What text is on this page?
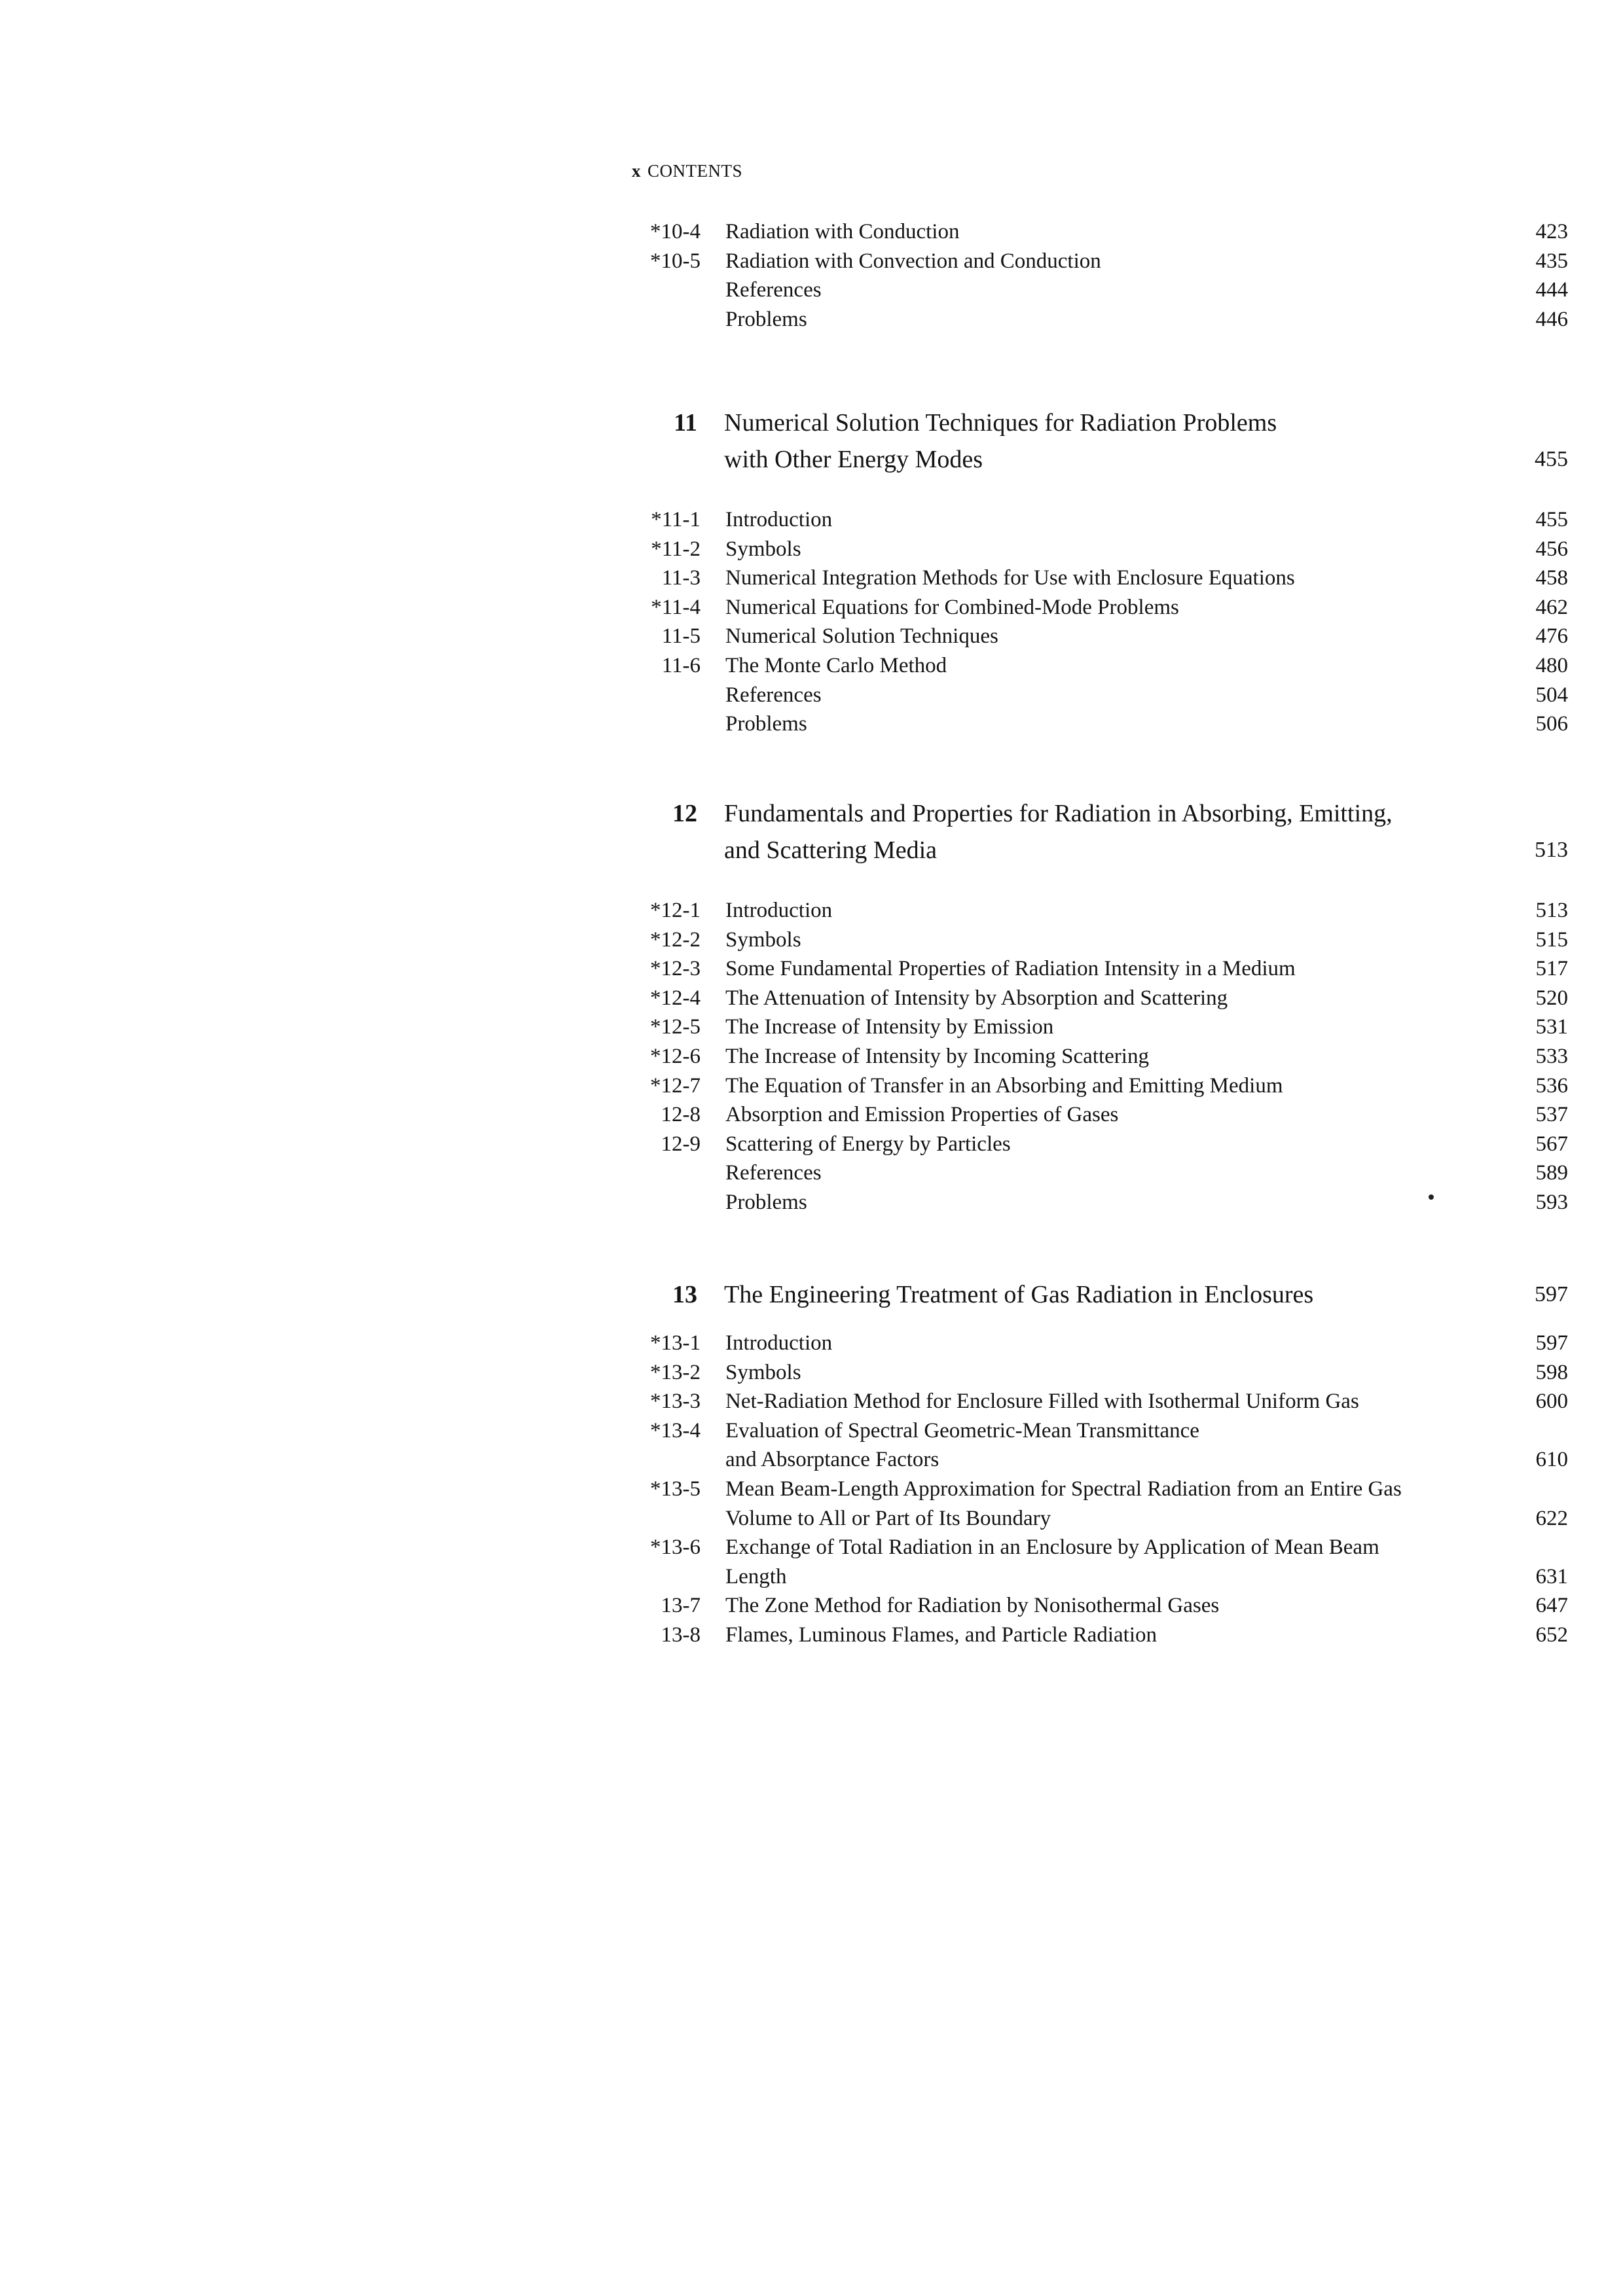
x CONTENTS
*10-4 Radiation with Conduction	423
*10-5 Radiation with Convection and Conduction	435
References	444
Problems	446
11 Numerical Solution Techniques for Radiation Problems
with Other Energy Modes	455
*11-1 Introduction	455
*11-2 Symbols	456
11-3 Numerical Integration Methods for Use with Enclosure Equations	458
*11-4 Numerical Equations for Combined-Mode Problems	462
11-5 Numerical Solution Techniques	476
11-6 The Monte Carlo Method	480
References	504
Problems	506
12 Fundamentals and Properties for Radiation in Absorbing, Emitting,
and Scattering Media	513
*12-1 Introduction	513
*12-2 Symbols	515
*12-3 Some Fundamental Properties of Radiation Intensity in a Medium	517
*12-4 The Attenuation of Intensity by Absorption and Scattering	520
*12-5 The Increase of Intensity by Emission	531
*12-6 The Increase of Intensity by Incoming Scattering	533
*12-7 The Equation of Transfer in an Absorbing and Emitting Medium	536
12-8 Absorption and Emission Properties of Gases	537
12-9 Scattering of Energy by Particles	567
References	589
Problems	593
13 The Engineering Treatment of Gas Radiation in Enclosures	597
*13-1 Introduction	597
*13-2 Symbols	598
*13-3 Net-Radiation Method for Enclosure Filled with Isothermal Uniform Gas	600
*13-4 Evaluation of Spectral Geometric-Mean Transmittance
and Absorptance Factors	610
*13-5 Mean Beam-Length Approximation for Spectral Radiation from an Entire Gas
Volume to All or Part of Its Boundary	622
*13-6 Exchange of Total Radiation in an Enclosure by Application of Mean Beam
Length	631
13-7 The Zone Method for Radiation by Nonisothermal Gases	647
13-8 Flames, Luminous Flames, and Particle Radiation	652
